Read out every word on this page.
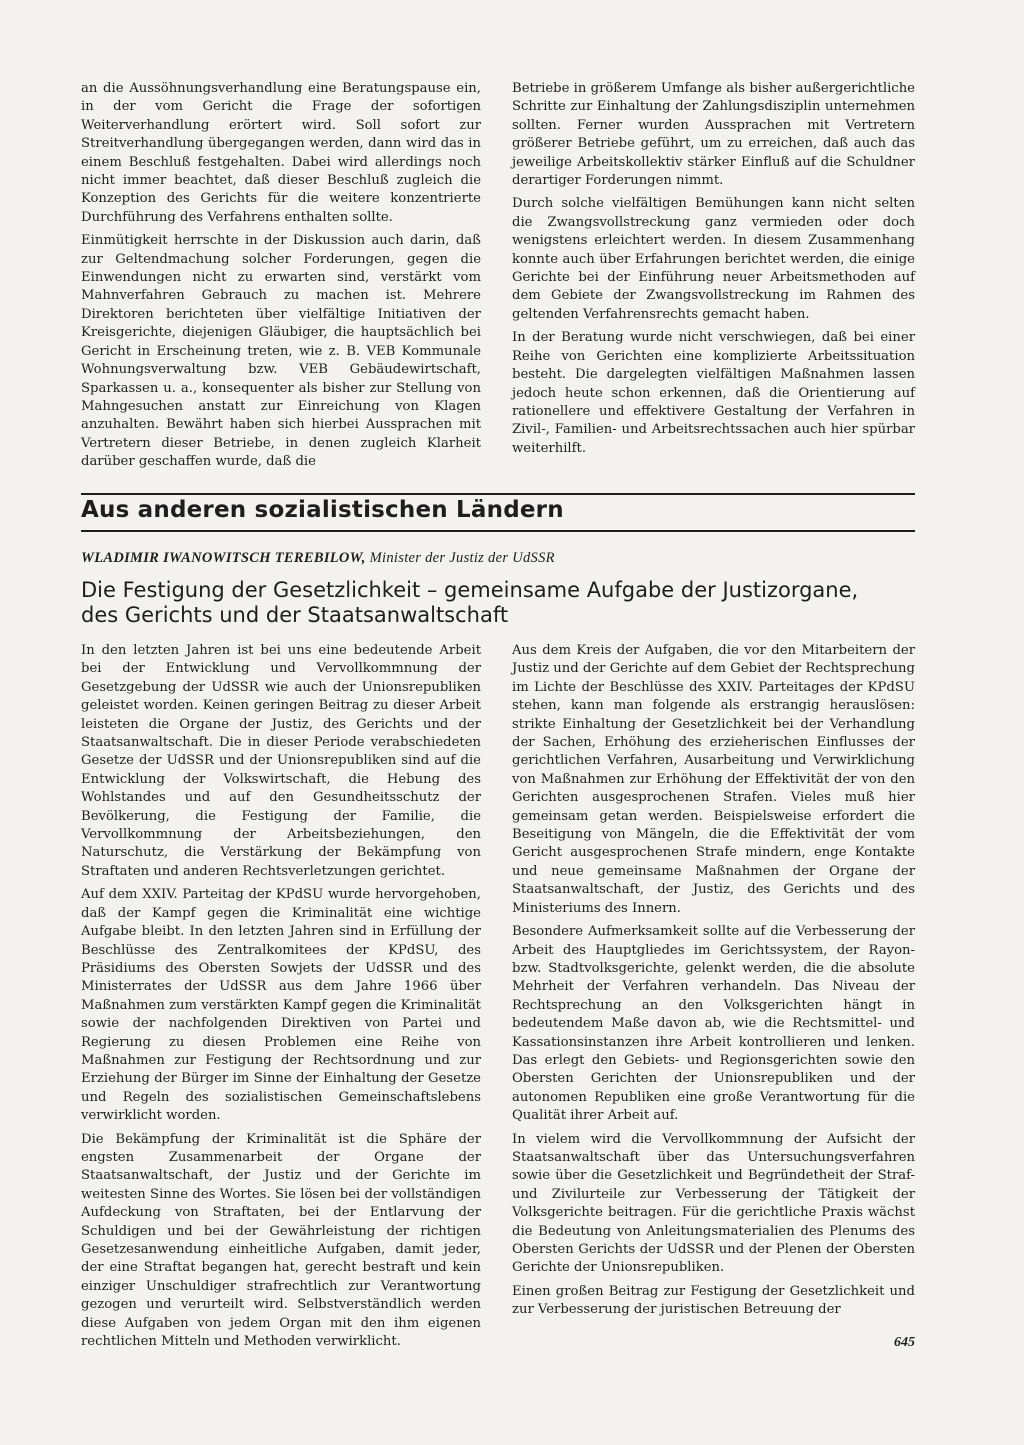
an die Aussöhnungsverhandlung eine Beratungspause ein, in der vom Gericht die Frage der sofortigen Weiterverhandlung erörtert wird. Soll sofort zur Streitverhandlung übergegangen werden, dann wird das in einem Beschluß festgehalten. Dabei wird allerdings noch nicht immer beachtet, daß dieser Beschluß zugleich die Konzeption des Gerichts für die weitere konzentrierte Durchführung des Verfahrens enthalten sollte.

Einmütigkeit herrschte in der Diskussion auch darin, daß zur Geltendmachung solcher Forderungen, gegen die Einwendungen nicht zu erwarten sind, verstärkt vom Mahnverfahren Gebrauch zu machen ist. Mehrere Direktoren berichteten über vielfältige Initiativen der Kreisgerichte, diejenigen Gläubiger, die hauptsächlich bei Gericht in Erscheinung treten, wie z. B. VEB Kommunale Wohnungsverwaltung bzw. VEB Gebäudewirtschaft, Sparkassen u. a., konsequenter als bisher zur Stellung von Mahngesuchen anstatt zur Einreichung von Klagen anzuhalten. Bewährt haben sich hierbei Aussprachen mit Vertretern dieser Betriebe, in denen zugleich Klarheit darüber geschaffen wurde, daß die

Betriebe in größerem Umfange als bisher außergerichtliche Schritte zur Einhaltung der Zahlungsdisziplin unternehmen sollten. Ferner wurden Aussprachen mit Vertretern größerer Betriebe geführt, um zu erreichen, daß auch das jeweilige Arbeitskollektiv stärker Einfluß auf die Schuldner derartiger Forderungen nimmt.

Durch solche vielfältigen Bemühungen kann nicht selten die Zwangsvollstreckung ganz vermieden oder doch wenigstens erleichtert werden. In diesem Zusammenhang konnte auch über Erfahrungen berichtet werden, die einige Gerichte bei der Einführung neuer Arbeitsmethoden auf dem Gebiete der Zwangsvollstreckung im Rahmen des geltenden Verfahrensrechts gemacht haben.

In der Beratung wurde nicht verschwiegen, daß bei einer Reihe von Gerichten eine komplizierte Arbeitssituation besteht. Die dargelegten vielfältigen Maßnahmen lassen jedoch heute schon erkennen, daß die Orientierung auf rationellere und effektivere Gestaltung der Verfahren in Zivil-, Familien- und Arbeitsrechtssachen auch hier spürbar weiterhilft.

Aus anderen sozialistischen Ländern
WLADIMIR IWANOWITSCH TEREBILOW, Minister der Justiz der UdSSR
Die Festigung der Gesetzlichkeit – gemeinsame Aufgabe der Justizorgane,
des Gerichts und der Staatsanwaltschaft

In den letzten Jahren ist bei uns eine bedeutende Arbeit bei der Entwicklung und Vervollkommnung der Gesetzgebung der UdSSR wie auch der Unionsrepubliken geleistet worden. Keinen geringen Beitrag zu dieser Arbeit leisteten die Organe der Justiz, des Gerichts und der Staatsanwaltschaft. Die in dieser Periode verabschiedeten Gesetze der UdSSR und der Unionsrepubliken sind auf die Entwicklung der Volkswirtschaft, die Hebung des Wohlstandes und auf den Gesundheitsschutz der Bevölkerung, die Festigung der Familie, die Vervollkommnung der Arbeitsbeziehungen, den Naturschutz, die Verstärkung der Bekämpfung von Straftaten und anderen Rechtsverletzungen gerichtet.

Auf dem XXIV. Parteitag der KPdSU wurde hervorgehoben, daß der Kampf gegen die Kriminalität eine wichtige Aufgabe bleibt. In den letzten Jahren sind in Erfüllung der Beschlüsse des Zentralkomitees der KPdSU, des Präsidiums des Obersten Sowjets der UdSSR und des Ministerrates der UdSSR aus dem Jahre 1966 über Maßnahmen zum verstärkten Kampf gegen die Kriminalität sowie der nachfolgenden Direktiven von Partei und Regierung zu diesen Problemen eine Reihe von Maßnahmen zur Festigung der Rechtsordnung und zur Erziehung der Bürger im Sinne der Einhaltung der Gesetze und Regeln des sozialistischen Gemeinschaftslebens verwirklicht worden.

Die Bekämpfung der Kriminalität ist die Sphäre der engsten Zusammenarbeit der Organe der Staatsanwaltschaft, der Justiz und der Gerichte im weitesten Sinne des Wortes. Sie lösen bei der vollständigen Aufdeckung von Straftaten, bei der Entlarvung der Schuldigen und bei der Gewährleistung der richtigen Gesetzesanwendung einheitliche Aufgaben, damit jeder, der eine Straftat begangen hat, gerecht bestraft und kein einziger Unschuldiger strafrechtlich zur Verantwortung gezogen und verurteilt wird. Selbstverständlich werden diese Aufgaben von jedem Organ mit den ihm eigenen rechtlichen Mitteln und Methoden verwirklicht.

Aus dem Kreis der Aufgaben, die vor den Mitarbeitern der Justiz und der Gerichte auf dem Gebiet der Rechtsprechung im Lichte der Beschlüsse des XXIV. Parteitages der KPdSU stehen, kann man folgende als erstrangig herauslösen: strikte Einhaltung der Gesetzlichkeit bei der Verhandlung der Sachen, Erhöhung des erzieherischen Einflusses der gerichtlichen Verfahren, Ausarbeitung und Verwirklichung von Maßnahmen zur Erhöhung der Effektivität der von den Gerichten ausgesprochenen Strafen. Vieles muß hier gemeinsam getan werden. Beispielsweise erfordert die Beseitigung von Mängeln, die die Effektivität der vom Gericht ausgesprochenen Strafe mindern, enge Kontakte und neue gemeinsame Maßnahmen der Organe der Staatsanwaltschaft, der Justiz, des Gerichts und des Ministeriums des Innern.

Besondere Aufmerksamkeit sollte auf die Verbesserung der Arbeit des Hauptgliedes im Gerichtssystem, der Rayon- bzw. Stadtvolksgerichte, gelenkt werden, die die absolute Mehrheit der Verfahren verhandeln. Das Niveau der Rechtsprechung an den Volksgerichten hängt in bedeutendem Maße davon ab, wie die Rechtsmittel- und Kassationsinstanzen ihre Arbeit kontrollieren und lenken. Das erlegt den Gebiets- und Regionsgerichten sowie den Obersten Gerichten der Unionsrepubliken und der autonomen Republiken eine große Verantwortung für die Qualität ihrer Arbeit auf.

In vielem wird die Vervollkommnung der Aufsicht der Staatsanwaltschaft über das Untersuchungsverfahren sowie über die Gesetzlichkeit und Begründetheit der Straf- und Zivilurteile zur Verbesserung der Tätigkeit der Volksgerichte beitragen. Für die gerichtliche Praxis wächst die Bedeutung von Anleitungsmaterialien des Plenums des Obersten Gerichts der UdSSR und der Plenen der Obersten Gerichte der Unionsrepubliken.

Einen großen Beitrag zur Festigung der Gesetzlichkeit und zur Verbesserung der juristischen Betreuung der

645
